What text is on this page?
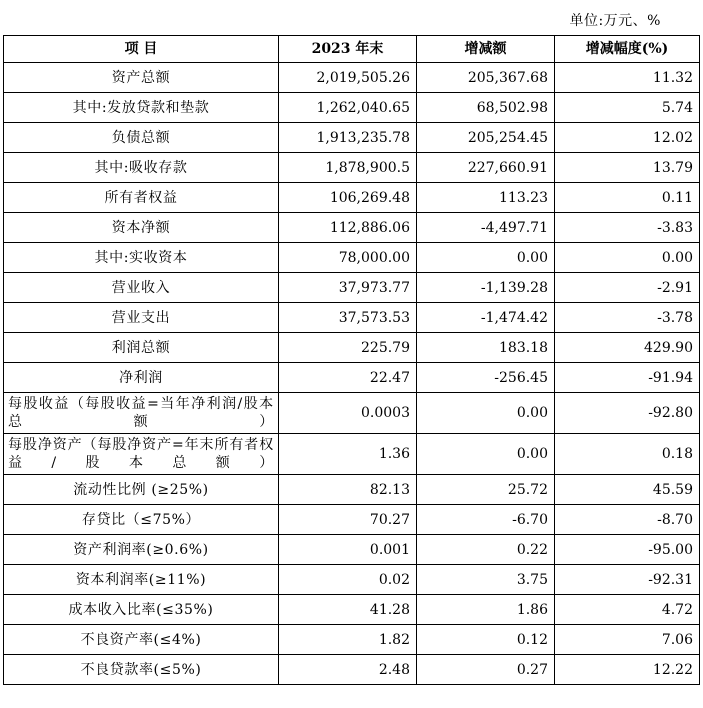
单位:万元、%
项 目	2023 年末	增减额	增减幅度(%)
资产总额	2,019,505.26	205,367.68	11.32
其中:发放贷款和垫款	1,262,040.65	68,502.98	5.74
负债总额	1,913,235.78	205,254.45	12.02
其中:吸收存款	1,878,900.5	227,660.91	13.79
所有者权益	106,269.48	113.23	0.11
资本净额	112,886.06	-4,497.71	-3.83
其中:实收资本	78,000.00	0.00	0.00
营业收入	37,973.77	-1,139.28	-2.91
营业支出	37,573.53	-1,474.42	-3.78
利润总额	225.79	183.18	429.90
净利润	22.47	-256.45	-91.94
每股收益（每股收益=当年净利润/股本总额）	0.0003	0.00	-92.80
每股净资产（每股净资产=年末所有者权益/股本总额）	1.36	0.00	0.18
流动性比例 (≥25%)	82.13	25.72	45.59
存贷比（≤75%）	70.27	-6.70	-8.70
资产利润率(≥0.6%)	0.001	0.22	-95.00
资本利润率(≥11%)	0.02	3.75	-92.31
成本收入比率(≤35%)	41.28	1.86	4.72
不良资产率(≤4%)	1.82	0.12	7.06
不良贷款率(≤5%)	2.48	0.27	12.22
